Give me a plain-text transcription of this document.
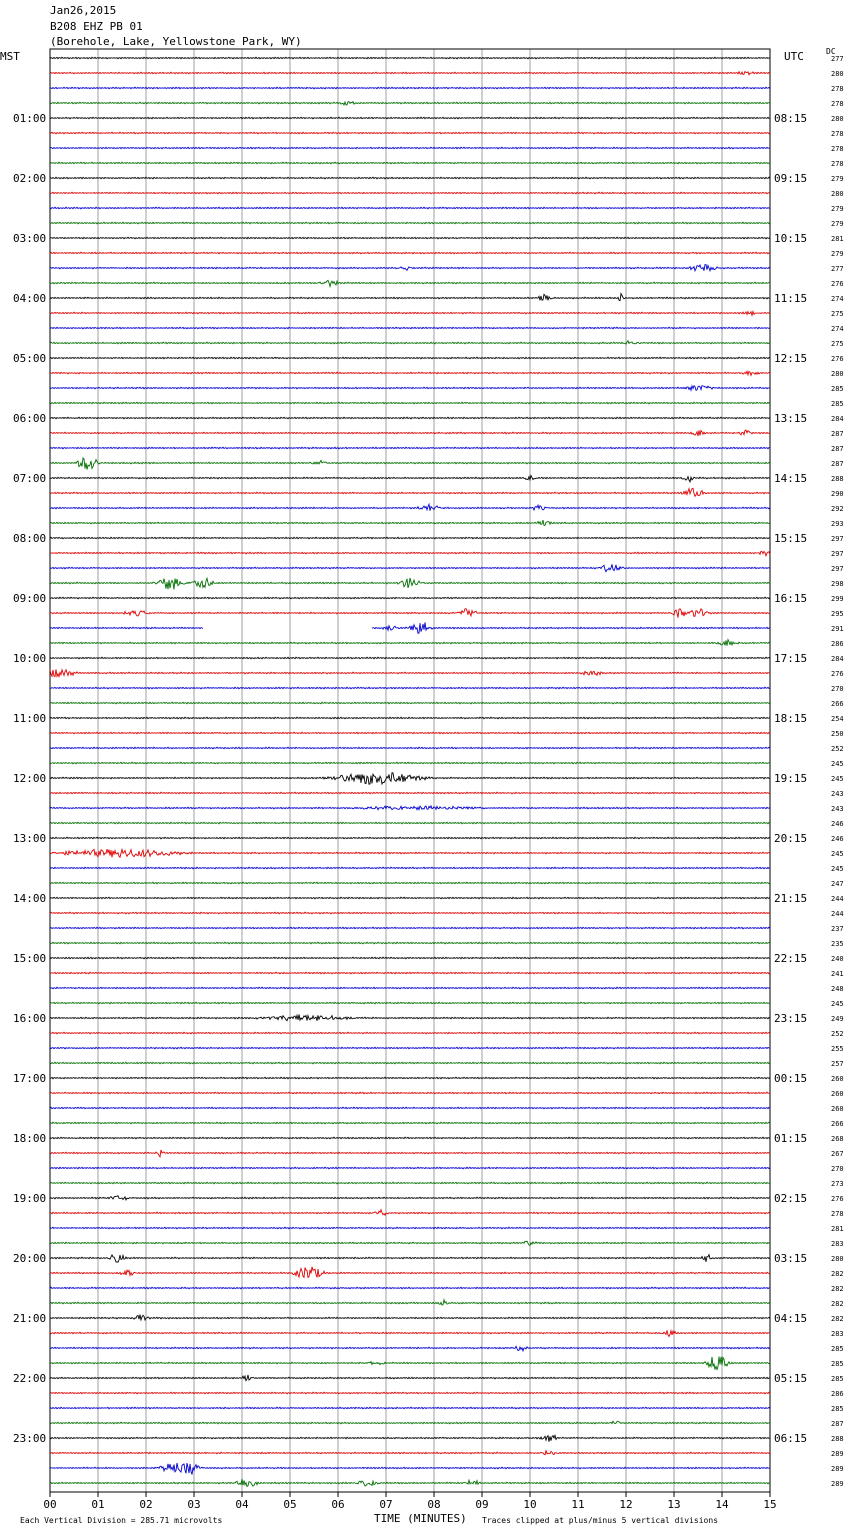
Jan26,2015
B208 EHZ PB 01
(Borehole, Lake, Yellowstone Park, WY)
MST	UTC	DC
01:00
02:00
03:00
04:00
05:00
06:00
07:00
08:00
09:00
10:00
11:00
12:00
13:00
14:00
15:00
16:00
17:00
18:00
19:00
20:00
21:00
22:00
23:00
08:15
09:15
10:15
11:15
12:15
13:15
14:15
15:15
16:15
17:15
18:15
19:15
20:15
21:15
22:15
23:15
00:15
01:15
02:15
03:15
04:15
05:15
06:15
277
280
278
278
280
278
278
278
279
280
279
279
281
279
277
276
274
275
274
275
276
280
285
285
284
287
287
287
288
290
292
293
297
297
297
298
299
295
291
286
284
276
270
266
254
250
252
245
245
243
243
246
246
245
245
247
244
244
237
235
240
241
248
245
249
252
255
257
260
260
260
266
268
267
270
273
276
278
281
283
280
282
282
282
282
283
285
285
285
286
285
287
288
289
289
289
00	01	02	03	04	05	06	07	08	09	10	11	12	13	14	15
Each Vertical Division = 285.71 microvolts	TIME (MINUTES) Traces clipped at plus/minus 5 vertical divisions
